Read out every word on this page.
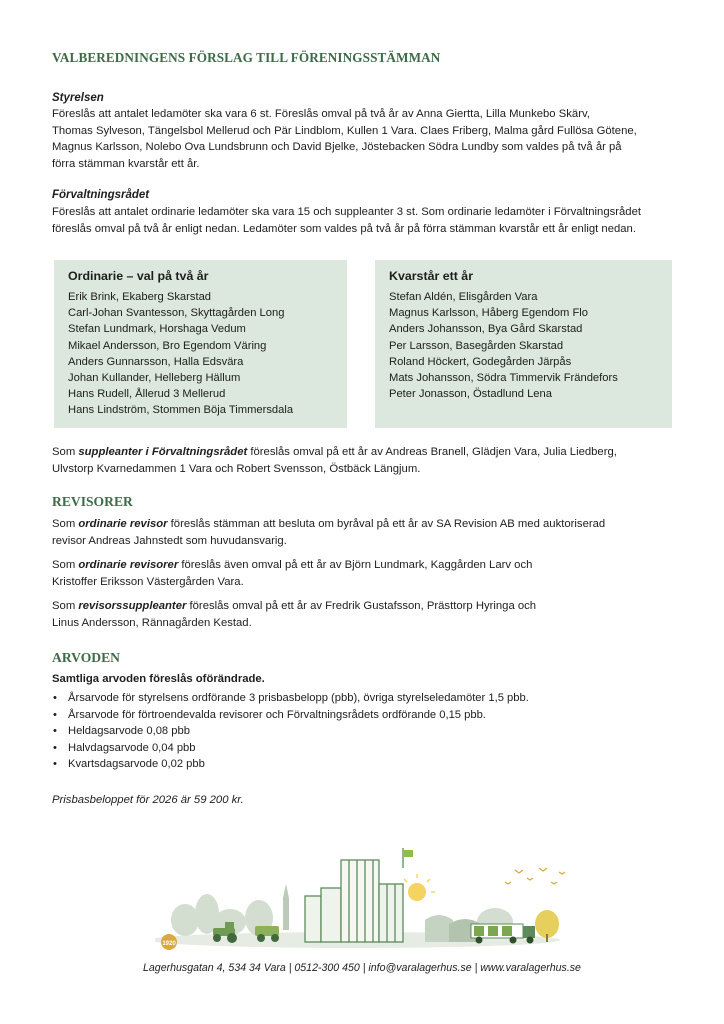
VALBEREDNINGENS FÖRSLAG TILL FÖRENINGSSTÄMMAN

Styrelsen

Föreslås att antalet ledamöter ska vara 6 st. Föreslås omval på två år av Anna Giertta, Lilla Munkebo Skärv,
Thomas Sylveson, Tängelsbol Mellerud och Pär Lindblom, Kullen 1 Vara. Claes Friberg, Malma gård Fullösa Götene,
Magnus Karlsson, Nolebo Ova Lundsbrunn och David Bjelke, Jöstebacken Södra Lundby som valdes på två år på
förra stämman kvarstår ett år.

Förvaltningsrådet

Föreslås att antalet ordinarie ledamöter ska vara 15 och suppleanter 3 st. Som ordinarie ledamöter i Förvaltningsrådet
föreslås omval på två år enligt nedan. Ledamöter som valdes på två år på förra stämman kvarstår ett år enligt nedan.
Ordinarie – val på två år
Erik Brink, Ekaberg Skarstad
Carl-Johan Svantesson, Skyttagården Long
Stefan Lundmark, Horshaga Vedum
Mikael Andersson, Bro Egendom Väring
Anders Gunnarsson, Halla Edsvära
Johan Kullander, Helleberg Hällum
Hans Rudell, Ållerud 3 Mellerud
Hans Lindström, Stommen Böja Timmersdala
Kvarstår ett år
Stefan Aldén, Elisgården Vara
Magnus Karlsson, Håberg Egendom Flo
Anders Johansson, Bya Gård Skarstad
Per Larsson, Basegården Skarstad
Roland Höckert, Godegården Järpås
Mats Johansson, Södra Timmervik Frändefors
Peter Jonasson, Östadlund Lena
Som suppleanter i Förvaltningsrådet föreslås omval på ett år av Andreas Branell, Glädjen Vara, Julia Liedberg,
Ulvstorp Kvarnedammen 1 Vara och Robert Svensson, Östbäck Längjum.
REVISORER
Som ordinarie revisor föreslås stämman att besluta om byråval på ett år av SA Revision AB med auktoriserad
revisor Andreas Jahnstedt som huvudansvarig.
Som ordinarie revisorer föreslås även omval på ett år av Björn Lundmark, Kaggården Larv och
Kristoffer Eriksson Västergården Vara.
Som revisorssuppleanter föreslås omval på ett år av Fredrik Gustafsson, Prästtorp Hyringa och
Linus Andersson, Rännagården Kestad.
ARVODEN

Samtliga arvoden föreslås oförändrade.

• Årsarvode för styrelsens ordförande 3 prisbasbelopp (pbb), övriga styrelseledamöter 1,5 pbb.
• Årsarvode för förtroendevalda revisorer och Förvaltningsrådets ordförande 0,15 pbb.
• Heldagsarvode 0,08 pbb
• Halvdagsarvode 0,04 pbb
• Kvartsdagsarvode 0,02 pbb

Prisbasbeloppet för 2026 är 59 200 kr.

1920
Lagerhusgatan 4, 534 34 Vara | 0512-300 450 | info@varalagerhus.se | www.varalagerhus.se
